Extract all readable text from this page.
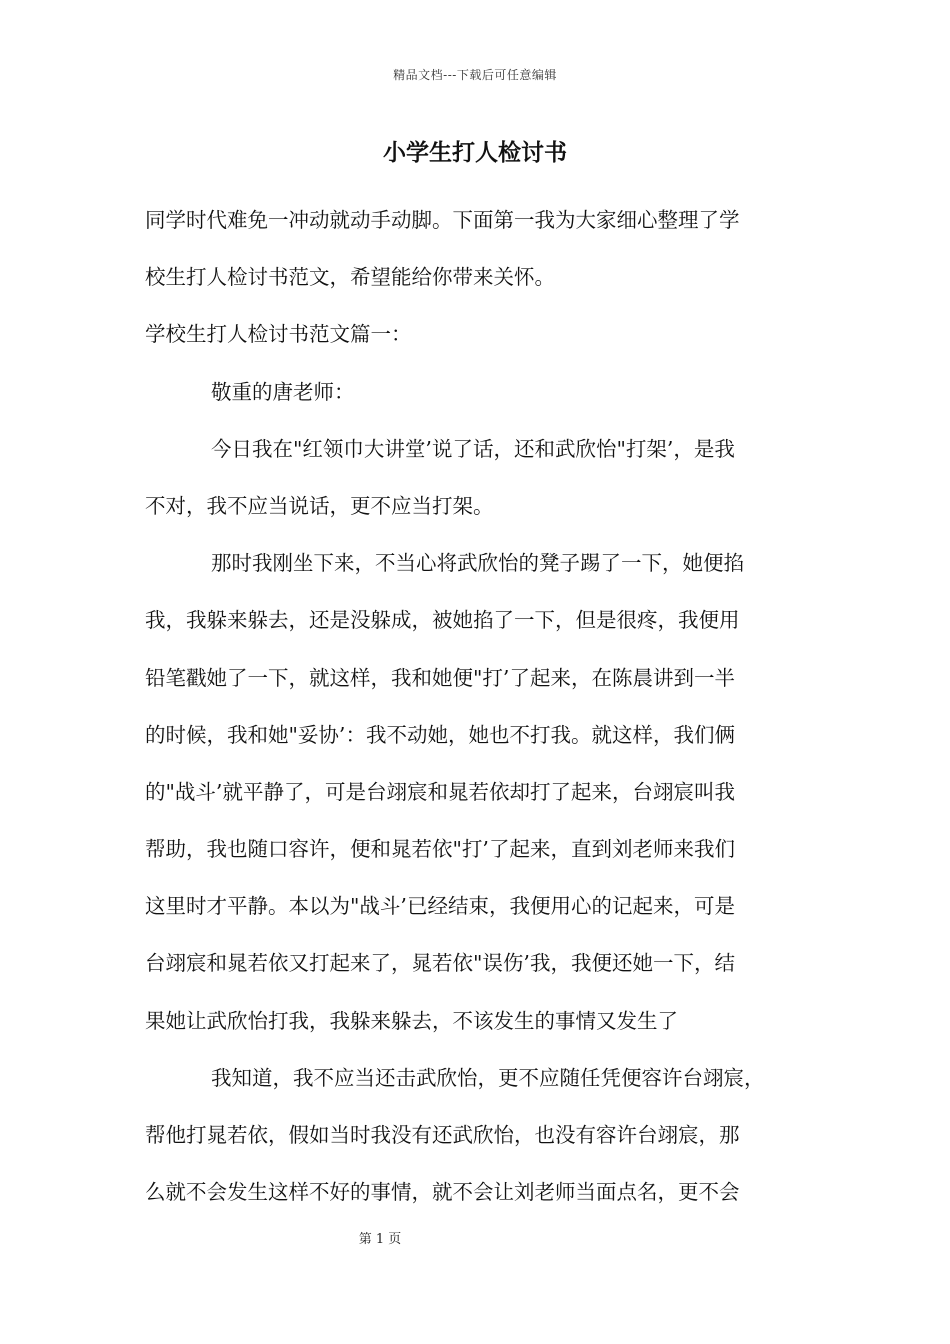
精品文档---下载后可任意编辑
小学生打人检讨书
同学时代难免一冲动就动手动脚。下面第一我为大家细心整理了学
校生打人检讨书范文，希望能给你带来关怀。
学校生打人检讨书范文篇一：
敬重的唐老师：
今日我在"红领巾大讲堂’说了话，还和武欣怡"打架’，是我
不对，我不应当说话，更不应当打架。
那时我刚坐下来，不当心将武欣怡的凳子踢了一下，她便掐
我，我躲来躲去，还是没躲成，被她掐了一下，但是很疼，我便用
铅笔戳她了一下，就这样，我和她便"打’了起来，在陈晨讲到一半
的时候，我和她"妥协’：我不动她，她也不打我。就这样，我们俩
的"战斗’就平静了，可是台翊宸和晁若依却打了起来，台翊宸叫我
帮助，我也随口容许，便和晁若依"打’了起来，直到刘老师来我们
这里时才平静。本以为"战斗’已经结束，我便用心的记起来，可是
台翊宸和晁若依又打起来了，晁若依"误伤’我，我便还她一下，结
果她让武欣怡打我，我躲来躲去，不该发生的事情又发生了
我知道，我不应当还击武欣怡，更不应随任凭便容许台翊宸，
帮他打晁若依，假如当时我没有还武欣怡，也没有容许台翊宸，那
么就不会发生这样不好的事情，就不会让刘老师当面点名，更不会
第 1 页
